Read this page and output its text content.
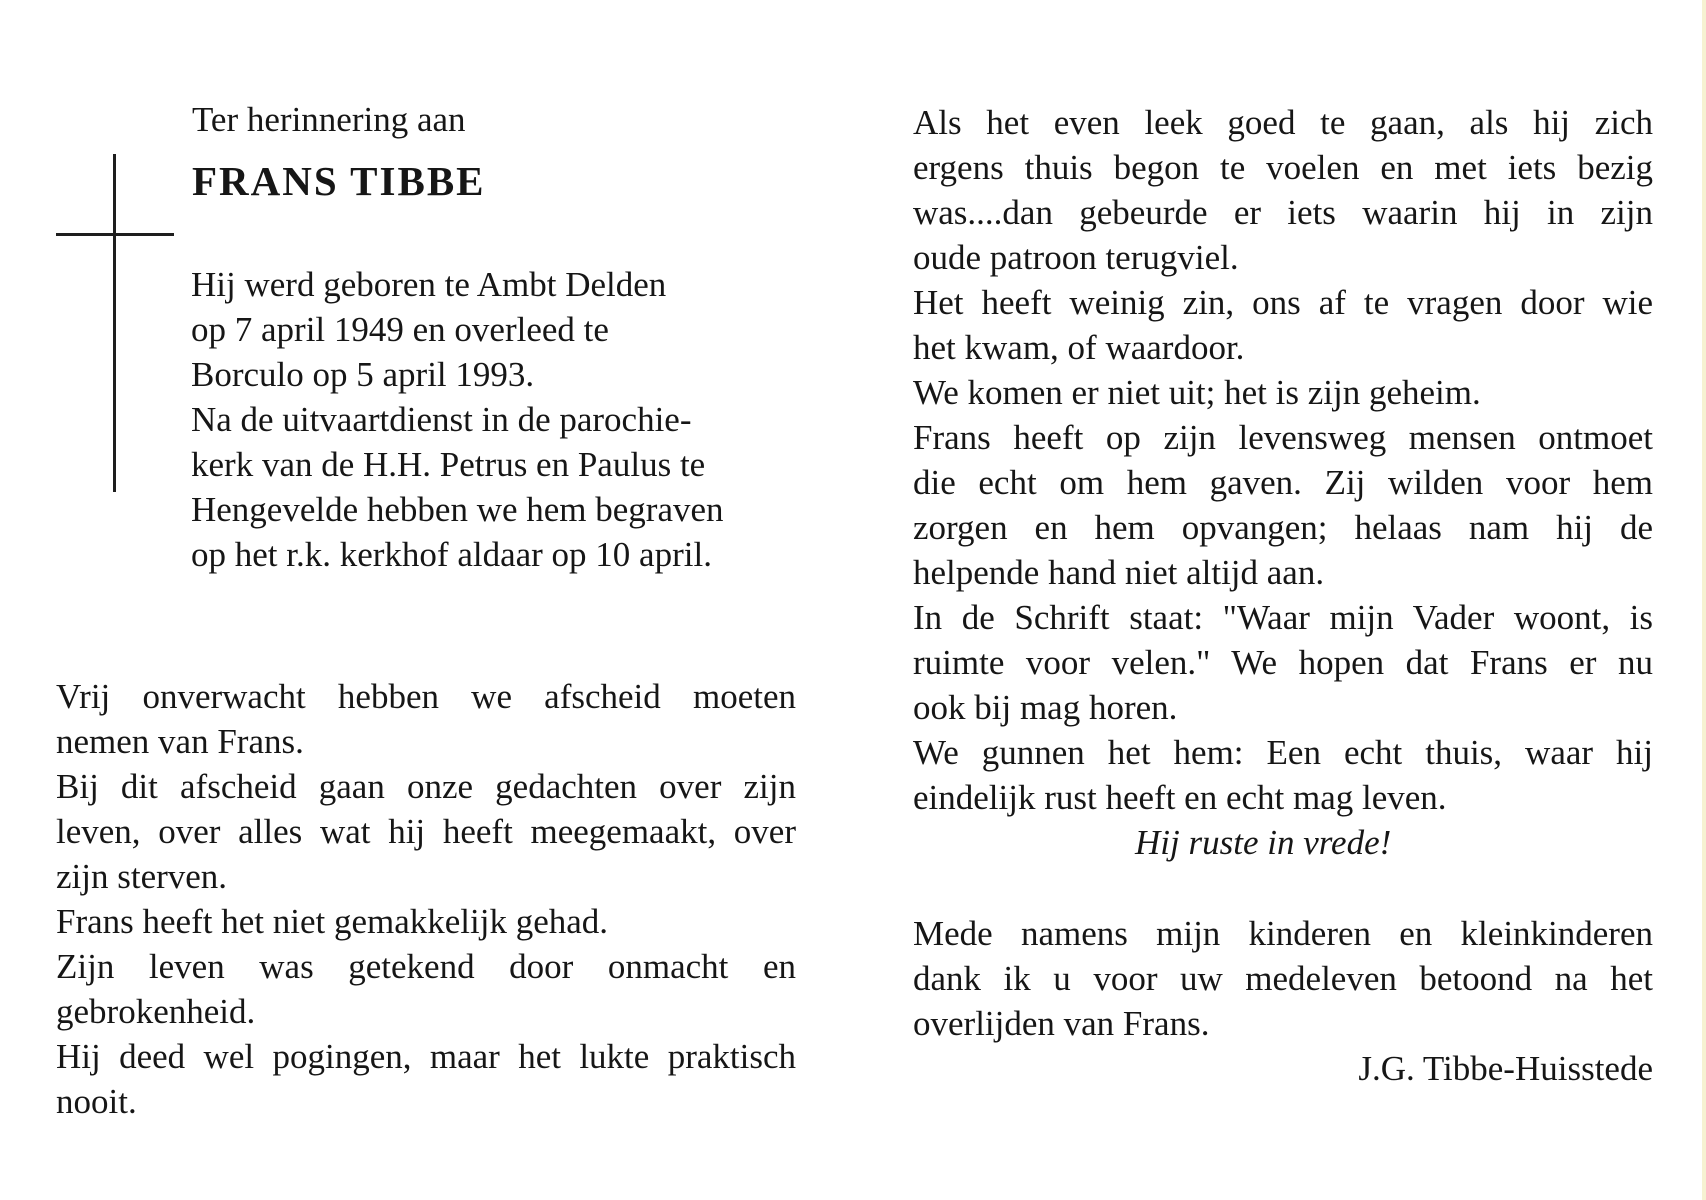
Ter herinnering aan

FRANS TIBBE

Hij werd geboren te Ambt Delden
op 7 april 1949 en overleed te
Borculo op 5 april 1993.
Na de uitvaartdienst in de parochie-
kerk van de H.H. Petrus en Paulus te
Hengevelde hebben we hem begraven
op het r.k. kerkhof aldaar op 10 april.
Vrij onverwacht hebben we afscheid moeten
nemen van Frans.
Bij dit afscheid gaan onze gedachten over zijn
leven, over alles wat hij heeft meegemaakt, over
zijn sterven.
Frans heeft het niet gemakkelijk gehad.
Zijn leven was getekend door onmacht en
gebrokenheid.
Hij deed wel pogingen, maar het lukte praktisch
nooit.
Als het even leek goed te gaan, als hij zich
ergens thuis begon te voelen en met iets bezig
was....dan gebeurde er iets waarin hij in zijn
oude patroon terugviel.
Het heeft weinig zin, ons af te vragen door wie
het kwam, of waardoor.
We komen er niet uit; het is zijn geheim.
Frans heeft op zijn levensweg mensen ontmoet
die echt om hem gaven. Zij wilden voor hem
zorgen en hem opvangen; helaas nam hij de
helpende hand niet altijd aan.
In de Schrift staat: "Waar mijn Vader woont, is
ruimte voor velen." We hopen dat Frans er nu
ook bij mag horen.
We gunnen het hem: Een echt thuis, waar hij
eindelijk rust heeft en echt mag leven.
Hij ruste in vrede!
Mede namens mijn kinderen en kleinkinderen
dank ik u voor uw medeleven betoond na het
overlijden van Frans.
J.G. Tibbe-Huisstede
